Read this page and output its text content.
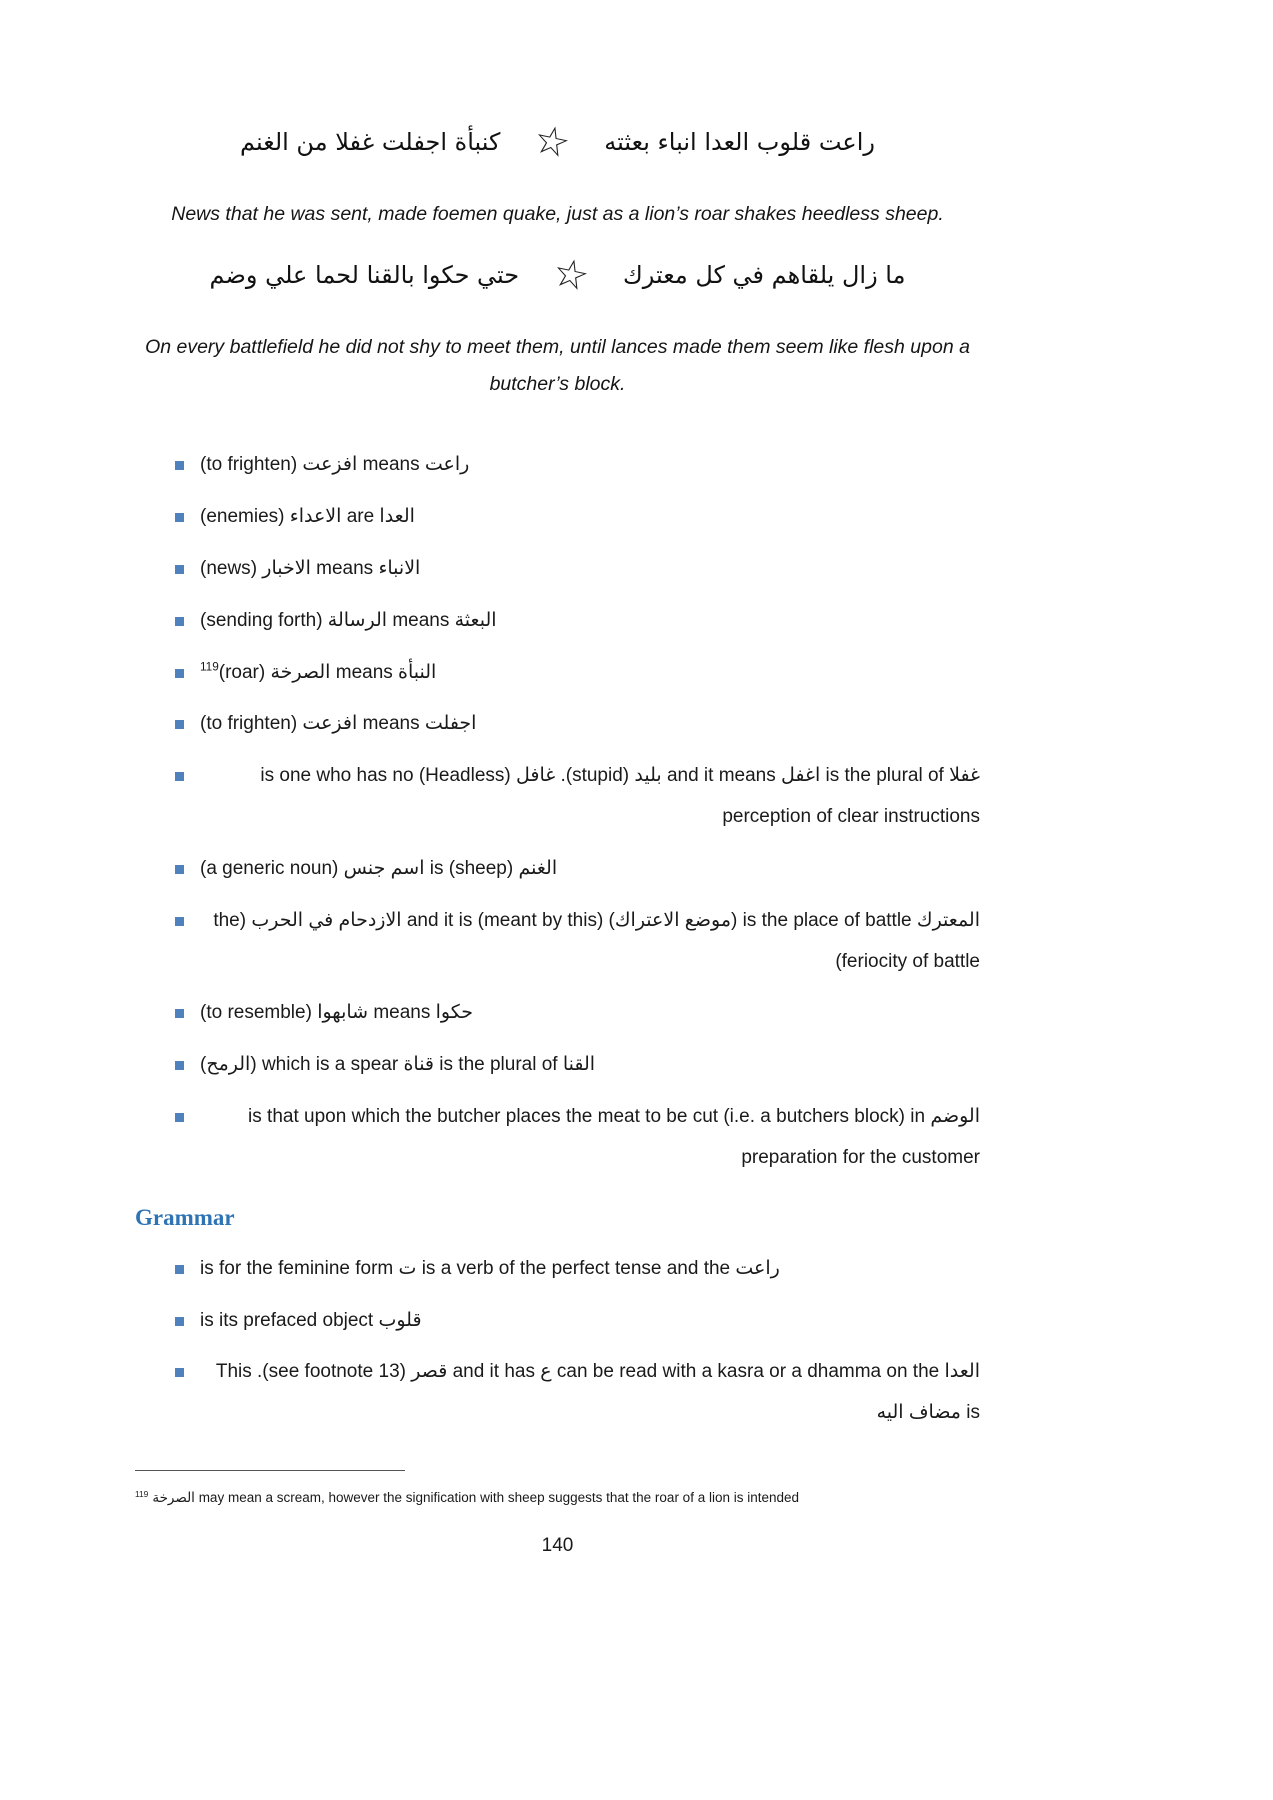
راعت قلوب العدا انباء بعثته
☆
كنبأة اجفلت غفلا من الغنم

News that he was sent, made foemen quake, just as a lion’s roar shakes heedless sheep.

ما زال يلقاهم في كل معترك
☆
حتي حكوا بالقنا لحما علي وضم

On every battlefield he did not shy to meet them, until lances made them seem like flesh upon a butcher’s block.

راعت means افزعت (to frighten)
العدا are الاعداء (enemies)
الانباء means الاخبار (news)
البعثة means الرسالة (sending forth)
النبأة means الصرخة (roar)$^{119}$
اجفلت means افزعت (to frighten)
غفلا is the plural of اغفل and it means بليد (stupid). غافل (Headless) is one who has no perception of clear instructions
الغنم (sheep) is اسم جنس (a generic noun)
المعترك is the place of battle (موضع الاعتراك) and it is (meant by this) الازدحام في الحرب (the feriocity of battle)
حكوا means شابهوا (to resemble)
القنا is the plural of قناة which is a spear (الرمح)
الوضم is that upon which the butcher places the meat to be cut (i.e. a butchers block) in preparation for the customer
Grammar
راعت is a verb of the perfect tense and the ت is for the feminine form
قلوب is its prefaced object
العدا can be read with a kasra or a dhamma on the ع and it has قصر (see footnote 13). This is مضاف اليه

$^{119}$ الصرخة may mean a scream, however the signification with sheep suggests that the roar of a lion is intended

140
